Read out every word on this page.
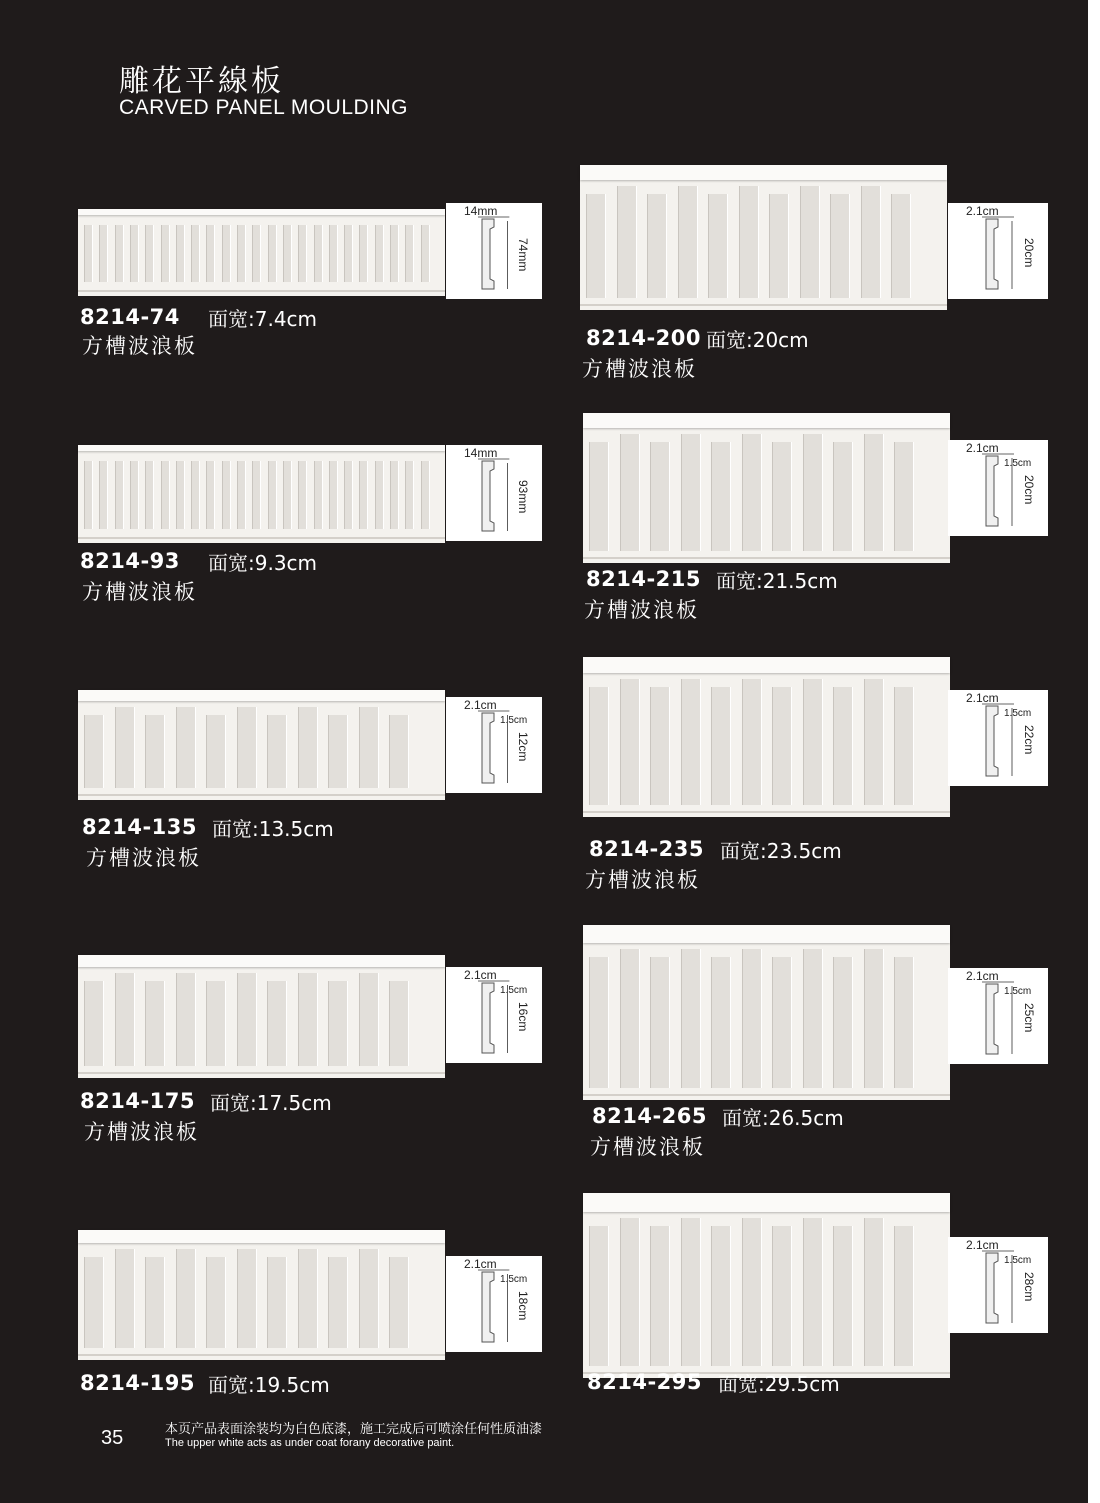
雕花平線板
CARVED PANEL MOULDING
14mm
74mm
8214-74 面宽:7.4cm
方槽波浪板
14mm
93mm
8214-93 面宽:9.3cm
方槽波浪板
2.1cm
1.5cm
12cm
8214-135 面宽:13.5cm
方槽波浪板
2.1cm
1.5cm
16cm
8214-175 面宽:17.5cm
方槽波浪板
2.1cm
1.5cm
18cm
8214-195 面宽:19.5cm
2.1cm
20cm
8214-200 面宽:20cm
方槽波浪板
2.1cm
1.5cm
20cm
8214-215 面宽:21.5cm
方槽波浪板
2.1cm
1.5cm
22cm
8214-235 面宽:23.5cm
方槽波浪板
2.1cm
1.5cm
25cm
8214-265 面宽:26.5cm
方槽波浪板
2.1cm
1.5cm
28cm
8214-295 面宽:29.5cm
35	本页产品表面涂装均为白色底漆，施工完成后可喷涂任何性质油漆
The upper white acts as under coat forany decorative paint.
